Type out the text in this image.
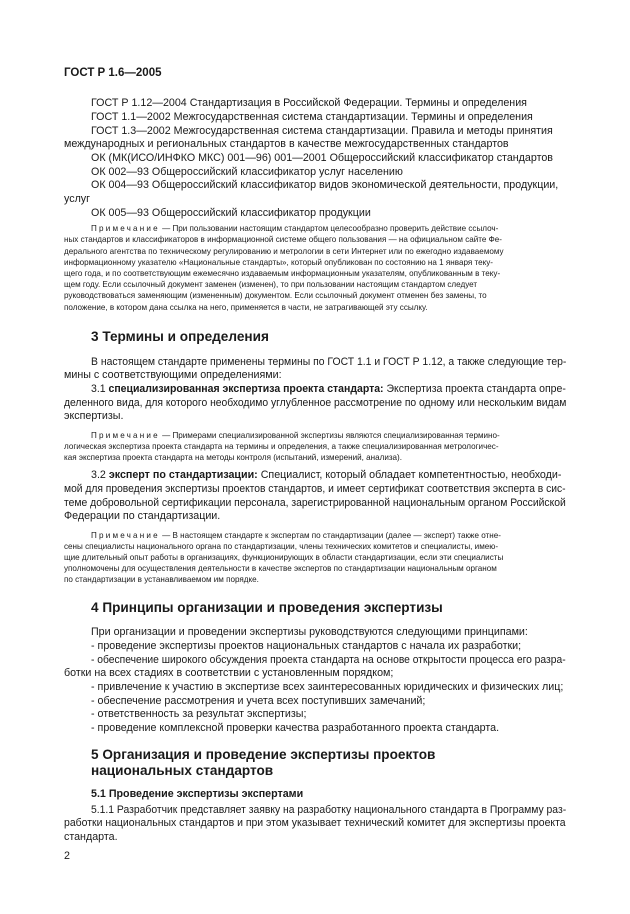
ГОСТ Р 1.6—2005
ГОСТ Р 1.12—2004 Стандартизация в Российской Федерации. Термины и определения
ГОСТ 1.1—2002 Межгосударственная система стандартизации. Термины и определения
ГОСТ 1.3—2002 Межгосударственная система стандартизации. Правила и методы принятия
международных и региональных стандартов в качестве межгосударственных стандартов
ОК (МК(ИСО/ИНФКО МКС) 001—96) 001—2001 Общероссийский классификатор стандартов
ОК 002—93 Общероссийский классификатор услуг населению
ОК 004—93 Общероссийский классификатор видов экономической деятельности, продукции,
услуг
ОК 005—93 Общероссийский классификатор продукции
Примечание — При пользовании настоящим стандартом целесообразно проверить действие ссылоч-
ных стандартов и классификаторов в информационной системе общего пользования — на официальном сайте Фе-
дерального агентства по техническому регулированию и метрологии в сети Интернет или по ежегодно издаваемому
информационному указателю «Национальные стандарты», который опубликован по состоянию на 1 января теку-
щего года, и по соответствующим ежемесячно издаваемым информационным указателям, опубликованным в теку-
щем году. Если ссылочный документ заменен (изменен), то при пользовании настоящим стандартом следует
руководствоваться заменяющим (измененным) документом. Если ссылочный документ отменен без замены, то
положение, в котором дана ссылка на него, применяется в части, не затрагивающей эту ссылку.
3 Термины и определения
В настоящем стандарте применены термины по ГОСТ 1.1 и ГОСТ Р 1.12, а также следующие тер-
мины с соответствующими определениями:
3.1 специализированная экспертиза проекта стандарта: Экспертиза проекта стандарта опре-
деленного вида, для которого необходимо углубленное рассмотрение по одному или нескольким видам
экспертизы.
Примечание — Примерами специализированной экспертизы являются специализированная термино-
логическая экспертиза проекта стандарта на термины и определения, а также специализированная метрологичес-
кая экспертиза проекта стандарта на методы контроля (испытаний, измерений, анализа).
3.2 эксперт по стандартизации: Специалист, который обладает компетентностью, необходи-
мой для проведения экспертизы проектов стандартов, и имеет сертификат соответствия эксперта в сис-
теме добровольной сертификации персонала, зарегистрированной национальным органом Российской
Федерации по стандартизации.
Примечание — В настоящем стандарте к экспертам по стандартизации (далее — эксперт) также отне-
сены специалисты национального органа по стандартизации, члены технических комитетов и специалисты, имею-
щие длительный опыт работы в организациях, функционирующих в области стандартизации, если эти специалисты
уполномочены для осуществления деятельности в качестве экспертов по стандартизации национальным органом
по стандартизации в устанавливаемом им порядке.
4 Принципы организации и проведения экспертизы
При организации и проведении экспертизы руководствуются следующими принципами:
- проведение экспертизы проектов национальных стандартов с начала их разработки;
- обеспечение широкого обсуждения проекта стандарта на основе открытости процесса его разра-
ботки на всех стадиях в соответствии с установленным порядком;
- привлечение к участию в экспертизе всех заинтересованных юридических и физических лиц;
- обеспечение рассмотрения и учета всех поступивших замечаний;
- ответственность за результат экспертизы;
- проведение комплексной проверки качества разработанного проекта стандарта.
5 Организация и проведение экспертизы проектов
национальных стандартов
5.1 Проведение экспертизы экспертами
5.1.1 Разработчик представляет заявку на разработку национального стандарта в Программу раз-
работки национальных стандартов и при этом указывает технический комитет для экспертизы проекта
стандарта.
2
